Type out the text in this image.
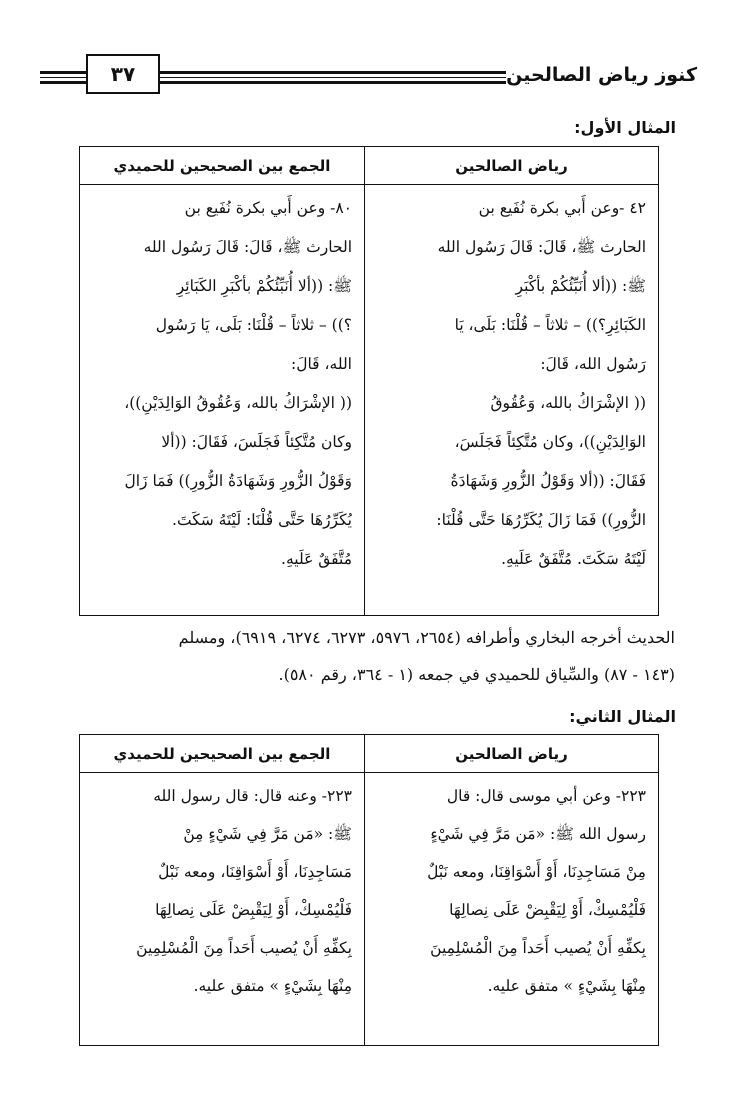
كنوز رياض الصالحين
٣٧
المثال الأول:
رياض الصالحين
الجمع بين الصحيحين للحميدي
٤٢ -وعن أَبي بكرة نُفَيع بن
الحارث ﷺ، قَالَ: قَالَ رَسُول الله
ﷺ: ((ألا أُنَبِّئُكُمْ بأكْبَرِ
الكَبَائِرِ؟)) – ثلاثاً – قُلْنَا: بَلَى، يَا
رَسُول الله، قَالَ:
(( الإشْرَاكُ بالله، وَعُقُوقُ
الوَالِدَيْنِ))، وكان مُتَّكِئاً فَجَلَسَ،
فَقَالَ: ((ألا وَقَوْلُ الزُّورِ وَشَهَادَةُ
الزُّورِ)) فَمَا زَالَ يُكَرِّرُهَا حَتَّى قُلْنَا:
لَيْتَهُ سَكَتَ. مُتَّفَقٌ عَلَيهِ.
٨٠- وعن أَبي بكرة نُفَيع بن
الحارث ﷺ، قَالَ: قَالَ رَسُول الله
ﷺ: ((ألا أُنَبِّئُكُمْ بأكْبَرِ الكَبَائِرِ
؟)) – ثلاثاً – قُلْنَا: بَلَى، يَا رَسُول
الله، قَالَ:
(( الإشْرَاكُ بالله، وَعُقُوقُ الوَالِدَيْنِ))،
وكان مُتَّكِئاً فَجَلَسَ، فَقَالَ: ((ألا
وَقَوْلُ الزُّورِ وَشَهَادَةُ الزُّورِ)) فَمَا زَالَ
يُكَرِّرُهَا حَتَّى قُلْنَا: لَيْتَهُ سَكَتَ.
مُتَّفَقٌ عَلَيهِ.
الحديث أخرجه البخاري وأطرافه (٢٦٥٤، ٥٩٧٦، ٦٢٧٣، ٦٢٧٤، ٦٩١٩)، ومسلم
(١٤٣ - ٨٧) والسِّياق للحميدي في جمعه (١ - ٣٦٤، رقم ٥٨٠).
المثال الثاني:
رياض الصالحين
الجمع بين الصحيحين للحميدي
٢٢٣- وعن أبي موسى قال: قال
رسول الله ﷺ: «مَن مَرَّ فِي شَيْءٍ
مِنْ مَسَاجِدِنَا، أَوْ أَسْوَاقِنَا، ومعه نَبْلٌ
فَلْيُمْسِكْ، أَوْ لِيَقْبِضْ عَلَى نِصالِهَا
بِكفِّهِ أَنْ يُصيب أَحَداً مِنَ الْمُسْلِمِينَ
مِنْهَا بِشَيْءٍ » متفق عليه.
٢٢٣- وعنه قال: قال رسول الله
ﷺ: «مَن مَرَّ فِي شَيْءٍ مِنْ
مَسَاجِدِنَا، أَوْ أَسْوَاقِنَا، ومعه نَبْلٌ
فَلْيُمْسِكْ، أَوْ لِيَقْبِضْ عَلَى نِصالِهَا
بِكفِّهِ أَنْ يُصيب أَحَداً مِنَ الْمُسْلِمِينَ
مِنْهَا بِشَيْءٍ » متفق عليه.
